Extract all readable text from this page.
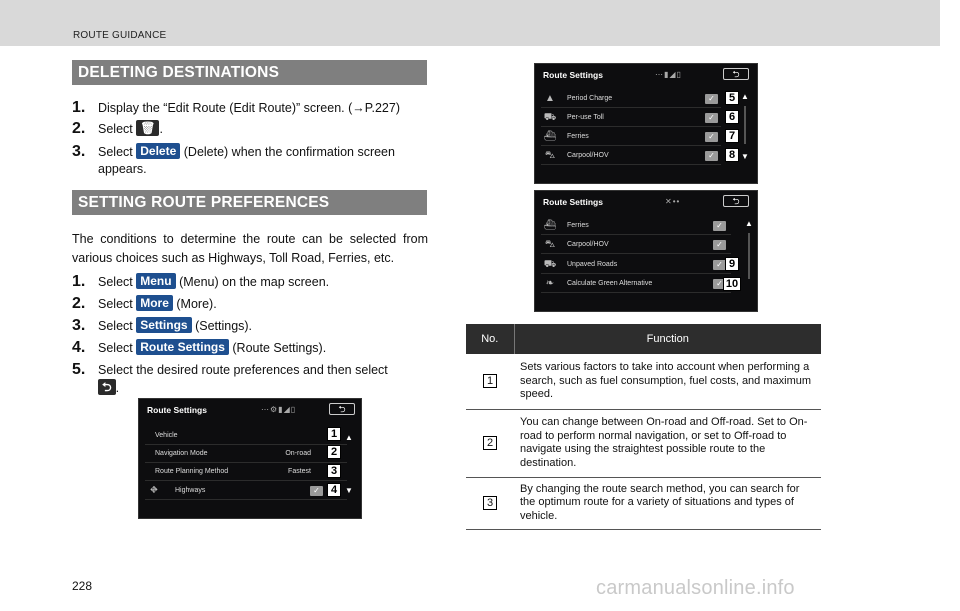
ROUTE GUIDANCE
DELETING DESTINATIONS
1. Display the “Edit Route (Edit Route)” screen. (→P.227)
2. Select 🗑 .
3. Select Delete (Delete) when the confirmation screen
appears.
SETTING ROUTE PREFERENCES
The conditions to determine the route can be selected from various choices such as Highways, Toll Road, Ferries, etc.
1. Select Menu (Menu) on the map screen.
2. Select More (More).
3. Select Settings (Settings).
4. Select Route Settings (Route Settings).
5. Select the desired route preferences and then select
⮌ .
Route Settings	⋯⚙▮◢▯	⮌
Vehicle
Navigation Mode	On-road
Route Planning Method	Fastest
⛖	Highways	✓
1
2
3
4
▲
▼
Route Settings	⋯▮◢▯	⮌
▲ Period Charge	✓
⛟ Per-use Toll	✓
⛴ Ferries	✓
⛍ Carpool/HOV	✓
5
6
7
8
▲
▼
Route Settings	✕••	⮌
⛴ Ferries	✓
⛍ Carpool/HOV	✓
⛟ Unpaved Roads	✓
❧	Calculate Green Alternative	✓
9
10
▲
No.	Function
1	Sets various factors to take into account when performing a search, such as fuel consumption, fuel costs, and maximum speed.
2	You can change between On-road and Off-road. Set to On-road to perform normal navigation, or set to Off-road to navigate using the straightest possible route to the destination.
3	By changing the route search method, you can search for the optimum route for a variety of situations and types of vehicle.
228	carmanualsonline.info
